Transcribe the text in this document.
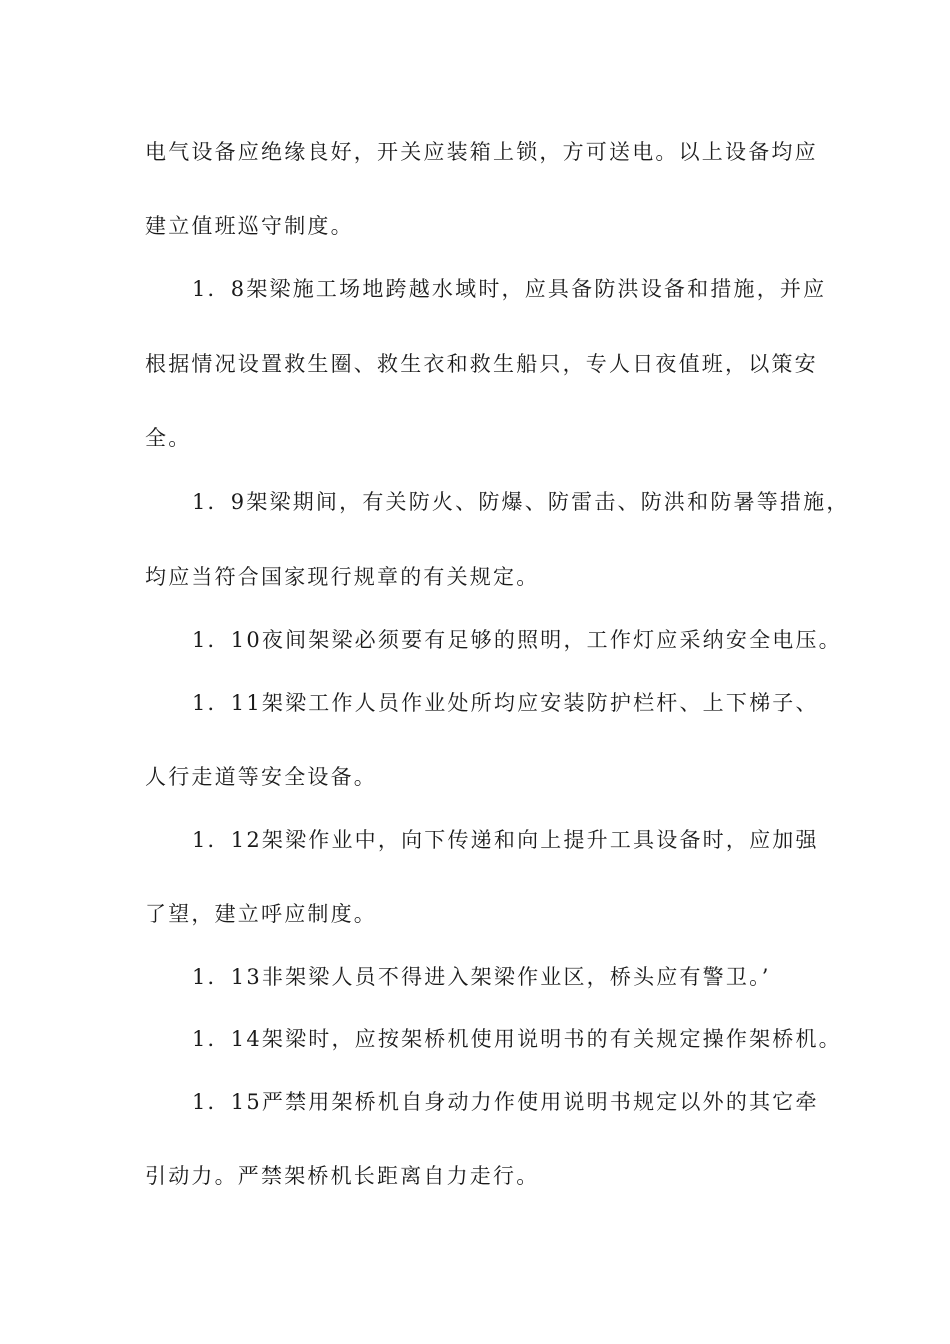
电气设备应绝缘良好，开关应装箱上锁，方可送电。以上设备均应
建立值班巡守制度。
1．8架梁施工场地跨越水域时，应具备防洪设备和措施，并应
根据情况设置救生圈、救生衣和救生船只，专人日夜值班，以策安
全。
1．9架梁期间，有关防火、防爆、防雷击、防洪和防暑等措施，
均应当符合国家现行规章的有关规定。
1．10夜间架梁必须要有足够的照明，工作灯应采纳安全电压。
1．11架梁工作人员作业处所均应安装防护栏杆、上下梯子、
人行走道等安全设备。
1．12架梁作业中，向下传递和向上提升工具设备时，应加强
了望，建立呼应制度。
1．13非架梁人员不得进入架梁作业区，桥头应有警卫。’
1．14架梁时，应按架桥机使用说明书的有关规定操作架桥机。
1．15严禁用架桥机自身动力作使用说明书规定以外的其它牵
引动力。严禁架桥机长距离自力走行。
